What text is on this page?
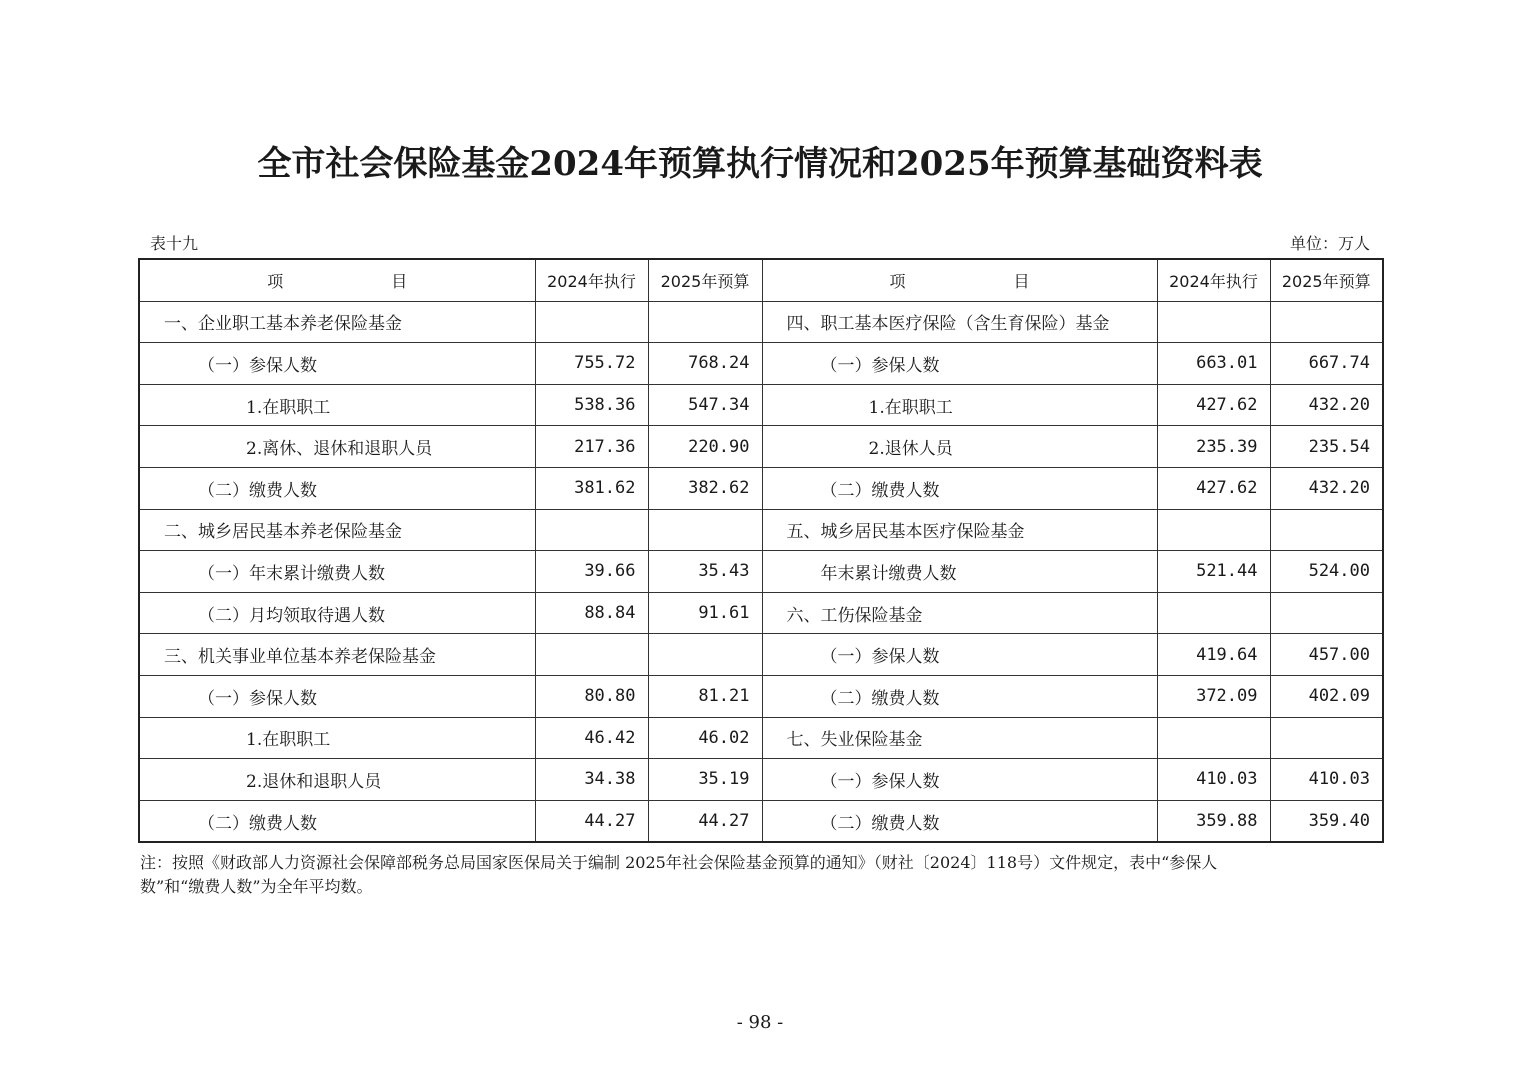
全市社会保险基金2024年预算执行情况和2025年预算基础资料表
表十九	单位：万人
项 目	2024年执行	2025年预算	项 目	2024年执行	2025年预算
一、企业职工基本养老保险基金			四、职工基本医疗保险（含生育保险）基金		
（一）参保人数	755.72	768.24	（一）参保人数	663.01	667.74
1.在职职工	538.36	547.34	1.在职职工	427.62	432.20
2.离休、退休和退职人员	217.36	220.90	2.退休人员	235.39	235.54
（二）缴费人数	381.62	382.62	（二）缴费人数	427.62	432.20
二、城乡居民基本养老保险基金			五、城乡居民基本医疗保险基金		
（一）年末累计缴费人数	39.66	35.43	年末累计缴费人数	521.44	524.00
（二）月均领取待遇人数	88.84	91.61	六、工伤保险基金		
三、机关事业单位基本养老保险基金			（一）参保人数	419.64	457.00
（一）参保人数	80.80	81.21	（二）缴费人数	372.09	402.09
1.在职职工	46.42	46.02	七、失业保险基金		
2.退休和退职人员	34.38	35.19	（一）参保人数	410.03	410.03
（二）缴费人数	44.27	44.27	（二）缴费人数	359.88	359.40
注：按照《财政部人力资源社会保障部税务总局国家医保局关于编制 2025年社会保险基金预算的通知》（财社〔2024〕118号）文件规定，表中“参保人
数”和“缴费人数”为全年平均数。
- 98 -
